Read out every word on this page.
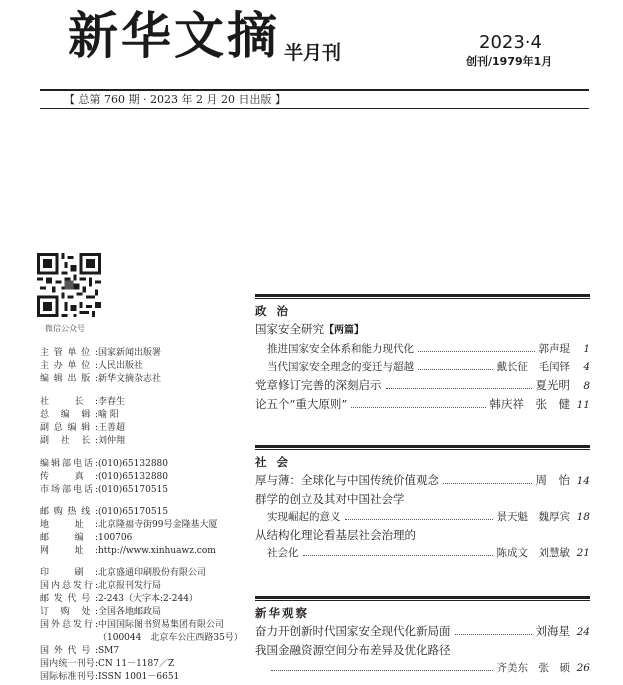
新华文摘 半月刊	2023·4
创刊/1979年1月
【 总第 760 期 · 2023 年 2 月 20 日出版 】
微信公众号
主管单位: 国家新闻出版署
主办单位: 人民出版社
编辑出版: 新华文摘杂志社
社 长: 李春生
总 编 辑: 喻 阳
副总编辑: 王善超
副 社 长: 刘仲翔
编辑部电话: (010)65132880
传 真: (010)65132880
市场部电话: (010)65170515
邮购热线: (010)65170515
地 址: 北京隆福寺街99号金隆基大厦
邮 编: 100706
网 址: http://www.xinhuawz.com
印 刷: 北京盛通印刷股份有限公司
国内总发行: 北京报刊发行局
邮发代号: 2-243（大字本:2-244）
订 购 处: 全国各地邮政局
国外总发行: 中国国际图书贸易集团有限公司
（100044　北京车公庄西路35号）
国外代号: SM7
国内统一刊号: CN 11－1187／Z
国际标准刊号: ISSN 1001－6651
政治
国家安全研究【两篇】
推进国家安全体系和能力现代化	郭声琨	1
当代国家安全理念的变迁与超越	戴长征　毛闰铎	4
党章修订完善的深刻启示	夏光明	8
论五个“重大原则”	韩庆祥　张　健 11
社会
厚与薄：全球化与中国传统价值观念	周　怡 14
群学的创立及其对中国社会学
实现崛起的意义	景天魁　魏厚宾 18
从结构化理论看基层社会治理的
社会化	陈成文　刘慧敏 21
新华观察
奋力开创新时代国家安全现代化新局面	刘海星 24
我国金融资源空间分布差异及优化路径
齐美东　张　硕 26
